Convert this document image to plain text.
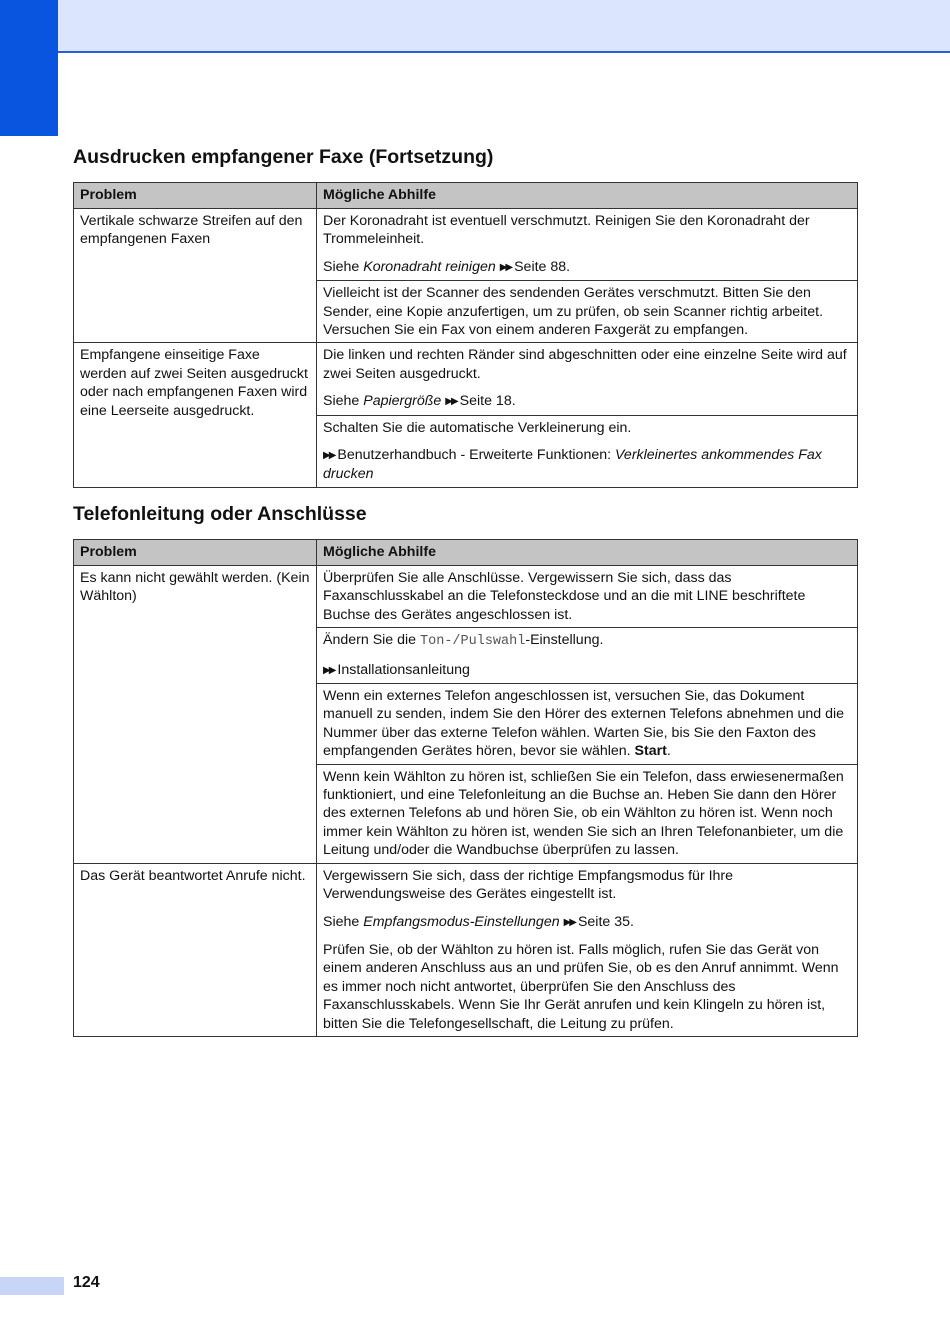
Ausdrucken empfangener Faxe (Fortsetzung)
Problem	Mögliche Abhilfe
Vertikale schwarze Streifen auf den empfangenen Faxen	Der Koronadraht ist eventuell verschmutzt. Reinigen Sie den Koronadraht der Trommeleinheit.

Siehe Koronadraht reinigen ▶▶ Seite 88.

	Vielleicht ist der Scanner des sendenden Gerätes verschmutzt. Bitten Sie den Sender, eine Kopie anzufertigen, um zu prüfen, ob sein Scanner richtig arbeitet. Versuchen Sie ein Fax von einem anderen Faxgerät zu empfangen.

Empfangene einseitige Faxe werden auf zwei Seiten ausgedruckt oder nach empfangenen Faxen wird eine Leerseite ausgedruckt.	Die linken und rechten Ränder sind abgeschnitten oder eine einzelne Seite wird auf zwei Seiten ausgedruckt.

Siehe Papiergröße ▶▶ Seite 18.

	Schalten Sie die automatische Verkleinerung ein.

▶▶ Benutzerhandbuch - Erweiterte Funktionen: Verkleinertes ankommendes Fax drucken

Telefonleitung oder Anschlüsse
Problem	Mögliche Abhilfe
Es kann nicht gewählt werden. (Kein Wählton)	Überprüfen Sie alle Anschlüsse. Vergewissern Sie sich, dass das Faxanschlusskabel an die Telefonsteckdose und an die mit LINE beschriftete Buchse des Gerätes angeschlossen ist.

	Ändern Sie die Ton-/Pulswahl-Einstellung.

▶▶ Installationsanleitung

	Wenn ein externes Telefon angeschlossen ist, versuchen Sie, das Dokument manuell zu senden, indem Sie den Hörer des externen Telefons abnehmen und die Nummer über das externe Telefon wählen. Warten Sie, bis Sie den Faxton des empfangenden Gerätes hören, bevor sie wählen. Start.

	Wenn kein Wählton zu hören ist, schließen Sie ein Telefon, dass erwiesenermaßen funktioniert, und eine Telefonleitung an die Buchse an. Heben Sie dann den Hörer des externen Telefons ab und hören Sie, ob ein Wählton zu hören ist. Wenn noch immer kein Wählton zu hören ist, wenden Sie sich an Ihren Telefonanbieter, um die Leitung und/oder die Wandbuchse überprüfen zu lassen.

Das Gerät beantwortet Anrufe nicht.	Vergewissern Sie sich, dass der richtige Empfangsmodus für Ihre Verwendungsweise des Gerätes eingestellt ist.

Siehe Empfangsmodus-Einstellungen ▶▶ Seite 35.

Prüfen Sie, ob der Wählton zu hören ist. Falls möglich, rufen Sie das Gerät von einem anderen Anschluss aus an und prüfen Sie, ob es den Anruf annimmt. Wenn es immer noch nicht antwortet, überprüfen Sie den Anschluss des Faxanschlusskabels. Wenn Sie Ihr Gerät anrufen und kein Klingeln zu hören ist, bitten Sie die Telefongesellschaft, die Leitung zu prüfen.

124
